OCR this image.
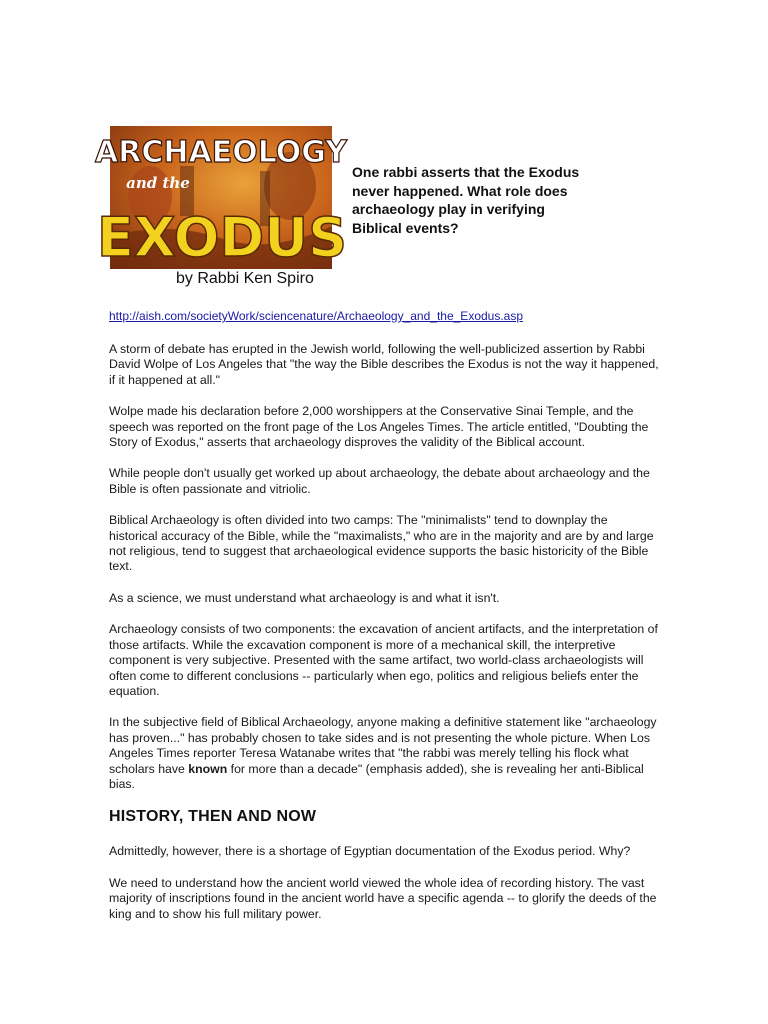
ARCHAEOLOGY
and the
EXODUS
by Rabbi Ken Spiro
One rabbi asserts that the Exodus never happened. What role does archaeology play in verifying Biblical events?
http://aish.com/societyWork/sciencenature/Archaeology_and_the_Exodus.asp

A storm of debate has erupted in the Jewish world, following the well-publicized assertion by Rabbi David Wolpe of Los Angeles that "the way the Bible describes the Exodus is not the way it happened, if it happened at all."

Wolpe made his declaration before 2,000 worshippers at the Conservative Sinai Temple, and the speech was reported on the front page of the Los Angeles Times. The article entitled, "Doubting the Story of Exodus," asserts that archaeology disproves the validity of the Biblical account.

While people don't usually get worked up about archaeology, the debate about archaeology and the Bible is often passionate and vitriolic.

Biblical Archaeology is often divided into two camps: The "minimalists" tend to downplay the historical accuracy of the Bible, while the "maximalists," who are in the majority and are by and large not religious, tend to suggest that archaeological evidence supports the basic historicity of the Bible text.

As a science, we must understand what archaeology is and what it isn't.

Archaeology consists of two components: the excavation of ancient artifacts, and the interpretation of those artifacts. While the excavation component is more of a mechanical skill, the interpretive component is very subjective. Presented with the same artifact, two world-class archaeologists will often come to different conclusions -- particularly when ego, politics and religious beliefs enter the equation.

In the subjective field of Biblical Archaeology, anyone making a definitive statement like "archaeology has proven..." has probably chosen to take sides and is not presenting the whole picture. When Los Angeles Times reporter Teresa Watanabe writes that "the rabbi was merely telling his flock what scholars have known for more than a decade" (emphasis added), she is revealing her anti-Biblical bias.

HISTORY, THEN AND NOW

Admittedly, however, there is a shortage of Egyptian documentation of the Exodus period. Why?

We need to understand how the ancient world viewed the whole idea of recording history. The vast majority of inscriptions found in the ancient world have a specific agenda -- to glorify the deeds of the king and to show his full military power.
